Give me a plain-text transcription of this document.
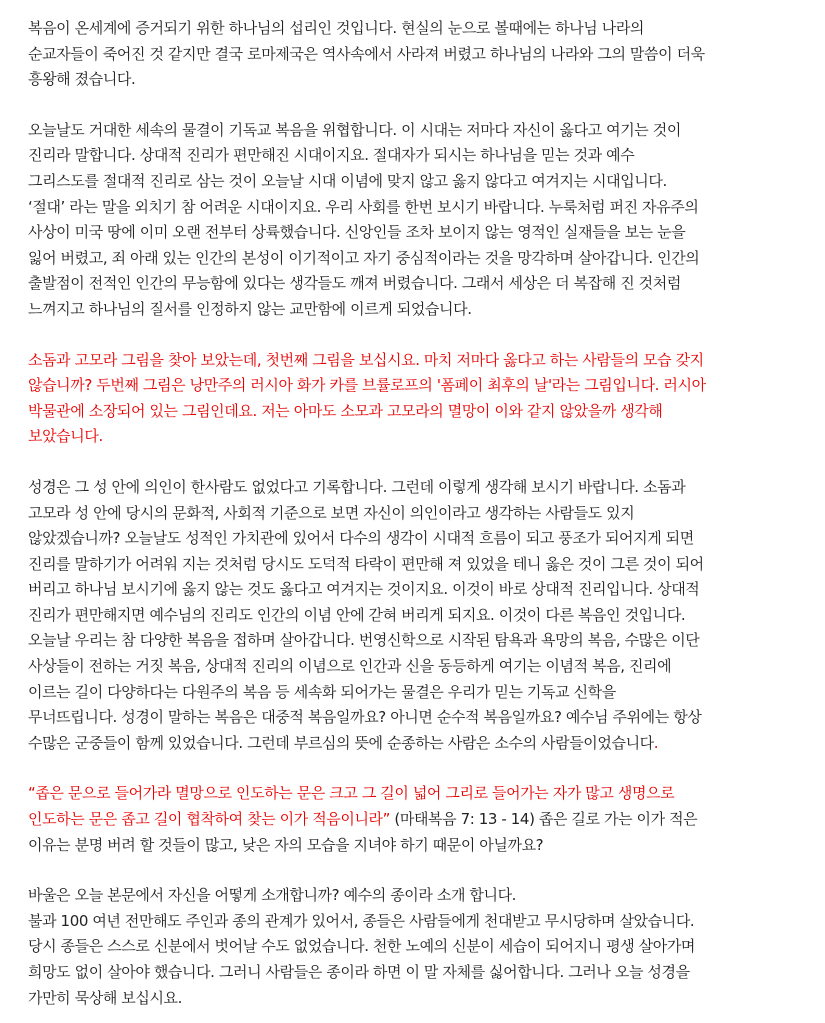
복음이 온세계에 증거되기 위한 하나님의 섭리인 것입니다. 현실의 눈으로 볼때에는 하나님 나라의
순교자들이 죽어진 것 같지만 결국 로마제국은 역사속에서 사라져 버렸고 하나님의 나라와 그의 말씀이 더욱
흥왕해 졌습니다.

오늘날도 거대한 세속의 물결이 기독교 복음을 위협합니다. 이 시대는 저마다 자신이 옳다고 여기는 것이
진리라 말합니다. 상대적 진리가 편만해진 시대이지요. 절대자가 되시는 하나님을 믿는 것과 예수
그리스도를 절대적 진리로 삼는 것이 오늘날 시대 이념에 맞지 않고 옳지 않다고 여겨지는 시대입니다.
‘절대’ 라는 말을 외치기 참 어려운 시대이지요. 우리 사회를 한번 보시기 바랍니다. 누룩처럼 퍼진 자유주의
사상이 미국 땅에 이미 오랜 전부터 상륙했습니다. 신앙인들 조차 보이지 않는 영적인 실재들을 보는 눈을
잃어 버렸고, 죄 아래 있는 인간의 본성이 이기적이고 자기 중심적이라는 것을 망각하며 살아갑니다. 인간의
출발점이 전적인 인간의 무능함에 있다는 생각들도 깨져 버렸습니다. 그래서 세상은 더 복잡해 진 것처럼
느껴지고 하나님의 질서를 인정하지 않는 교만함에 이르게 되었습니다.

소돔과 고모라 그림을 찾아 보았는데, 첫번째 그림을 보십시요. 마치 저마다 옳다고 하는 사람들의 모습 갖지
않습니까? 두번째 그림은 낭만주의 러시아 화가 카를 브률로프의 '폼페이 최후의 날'라는 그림입니다. 러시아
박물관에 소장되어 있는 그림인데요. 저는 아마도 소모과 고모라의 멸망이 이와 같지 않았을까 생각해
보았습니다.

성경은 그 성 안에 의인이 한사람도 없었다고 기록합니다. 그런데 이렇게 생각해 보시기 바랍니다. 소돔과
고모라 성 안에 당시의 문화적, 사회적 기준으로 보면 자신이 의인이라고 생각하는 사람들도 있지
않았겠습니까? 오늘날도 성적인 가치관에 있어서 다수의 생각이 시대적 흐름이 되고 풍조가 되어지게 되면
진리를 말하기가 어려워 지는 것처럼 당시도 도덕적 타락이 편만해 져 있었을 테니 옳은 것이 그른 것이 되어
버리고 하나님 보시기에 옳지 않는 것도 옳다고 여겨지는 것이지요. 이것이 바로 상대적 진리입니다. 상대적
진리가 편만해지면 예수님의 진리도 인간의 이념 안에 갇혀 버리게 되지요. 이것이 다른 복음인 것입니다.
오늘날 우리는 참 다양한 복음을 접하며 살아갑니다. 번영신학으로 시작된 탐욕과 욕망의 복음, 수많은 이단
사상들이 전하는 거짓 복음, 상대적 진리의 이념으로 인간과 신을 동등하게 여기는 이념적 복음, 진리에
이르는 길이 다양하다는 다원주의 복음 등 세속화 되어가는 물결은 우리가 믿는 기독교 신학을
무너뜨립니다. 성경이 말하는 복음은 대중적 복음일까요? 아니면 순수적 복음일까요? 예수님 주위에는 항상
수많은 군중들이 함께 있었습니다. 그런데 부르심의 뜻에 순종하는 사람은 소수의 사람들이었습니다.

“좁은 문으로 들어가라 멸망으로 인도하는 문은 크고 그 길이 넓어 그리로 들어가는 자가 많고 생명으로
인도하는 문은 좁고 길이 협착하여 찾는 이가 적음이니라” (마태복음 7: 13 - 14) 좁은 길로 가는 이가 적은
이유는 분명 버려 할 것들이 많고, 낮은 자의 모습을 지녀야 하기 때문이 아닐까요?

바울은 오늘 본문에서 자신을 어떻게 소개합니까? 예수의 종이라 소개 합니다.
불과 100 여년 전만해도 주인과 종의 관계가 있어서, 종들은 사람들에게 천대받고 무시당하며 살았습니다.
당시 종들은 스스로 신분에서 벗어날 수도 없었습니다. 천한 노예의 신분이 세습이 되어지니 평생 살아가며
희망도 없이 살아야 했습니다. 그러니 사람들은 종이라 하면 이 말 자체를 싫어합니다. 그러나 오늘 성경을
가만히 묵상해 보십시요.
